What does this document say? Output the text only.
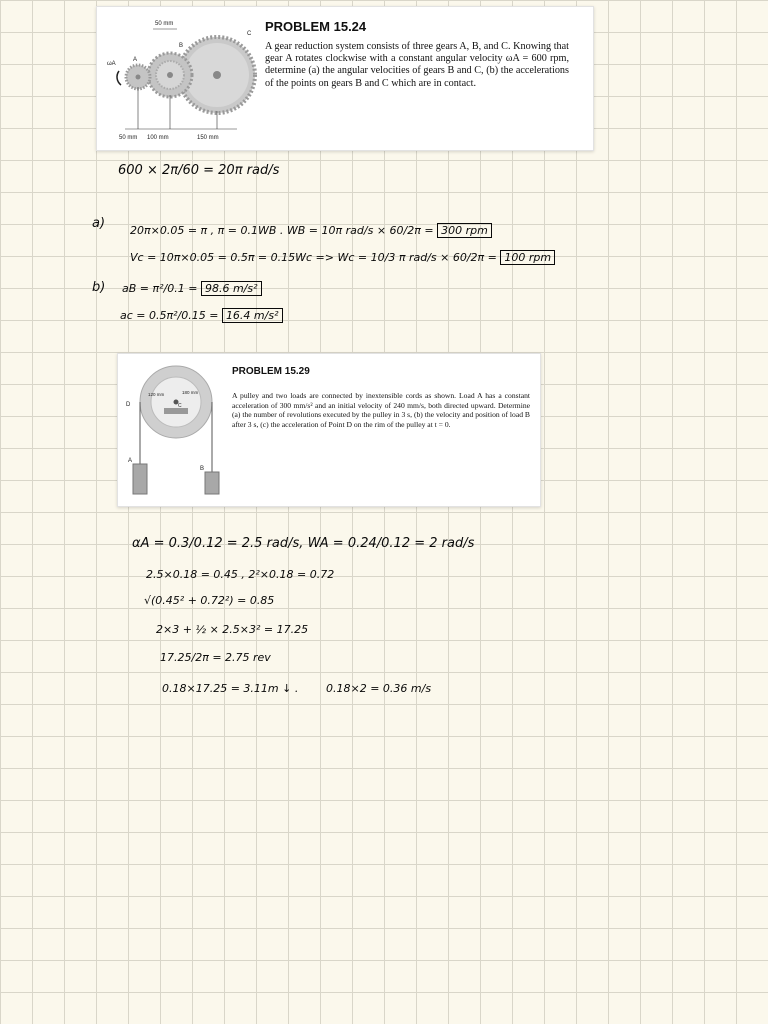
50 mm
A
B
C
ωA
50 mm 100 mm	150 mm
PROBLEM 15.24
A gear reduction system consists of three gears A, B, and C. Knowing that gear A rotates clockwise with a constant angular velocity ωA = 600 rpm, determine (a) the angular velocities of gears B and C, (b) the accelerations of the points on gears B and C which are in contact.

600 × 2π/60 = 20π rad/s

a) 20π×0.05 = π , π = 0.1WB . WB = 10π rad/s × 60/2π = 300 rpm

Vc = 10π×0.05 = 0.5π = 0.15Wc => Wc = 10/3 π rad/s × 60/2π = 100 rpm

b) aB = π²/0.1 = 98.6 m/s²

ac = 0.5π²/0.15 = 16.4 m/s²

D
120 mm	180 mm
C
A
B
PROBLEM 15.29
A pulley and two loads are connected by inextensible cords as shown. Load A has a constant acceleration of 300 mm/s² and an initial velocity of 240 mm/s, both directed upward. Determine (a) the number of revolutions executed by the pulley in 3 s, (b) the velocity and position of load B after 3 s, (c) the acceleration of Point D on the rim of the pulley at t = 0.

αA = 0.3/0.12 = 2.5 rad/s, WA = 0.24/0.12 = 2 rad/s

2.5×0.18 = 0.45 , 2²×0.18 = 0.72

√(0.45² + 0.72²) = 0.85

2×3 + ½ × 2.5×3² = 17.25

17.25/2π = 2.75 rev

0.18×17.25 = 3.11m ↓ .	0.18×2 = 0.36 m/s
